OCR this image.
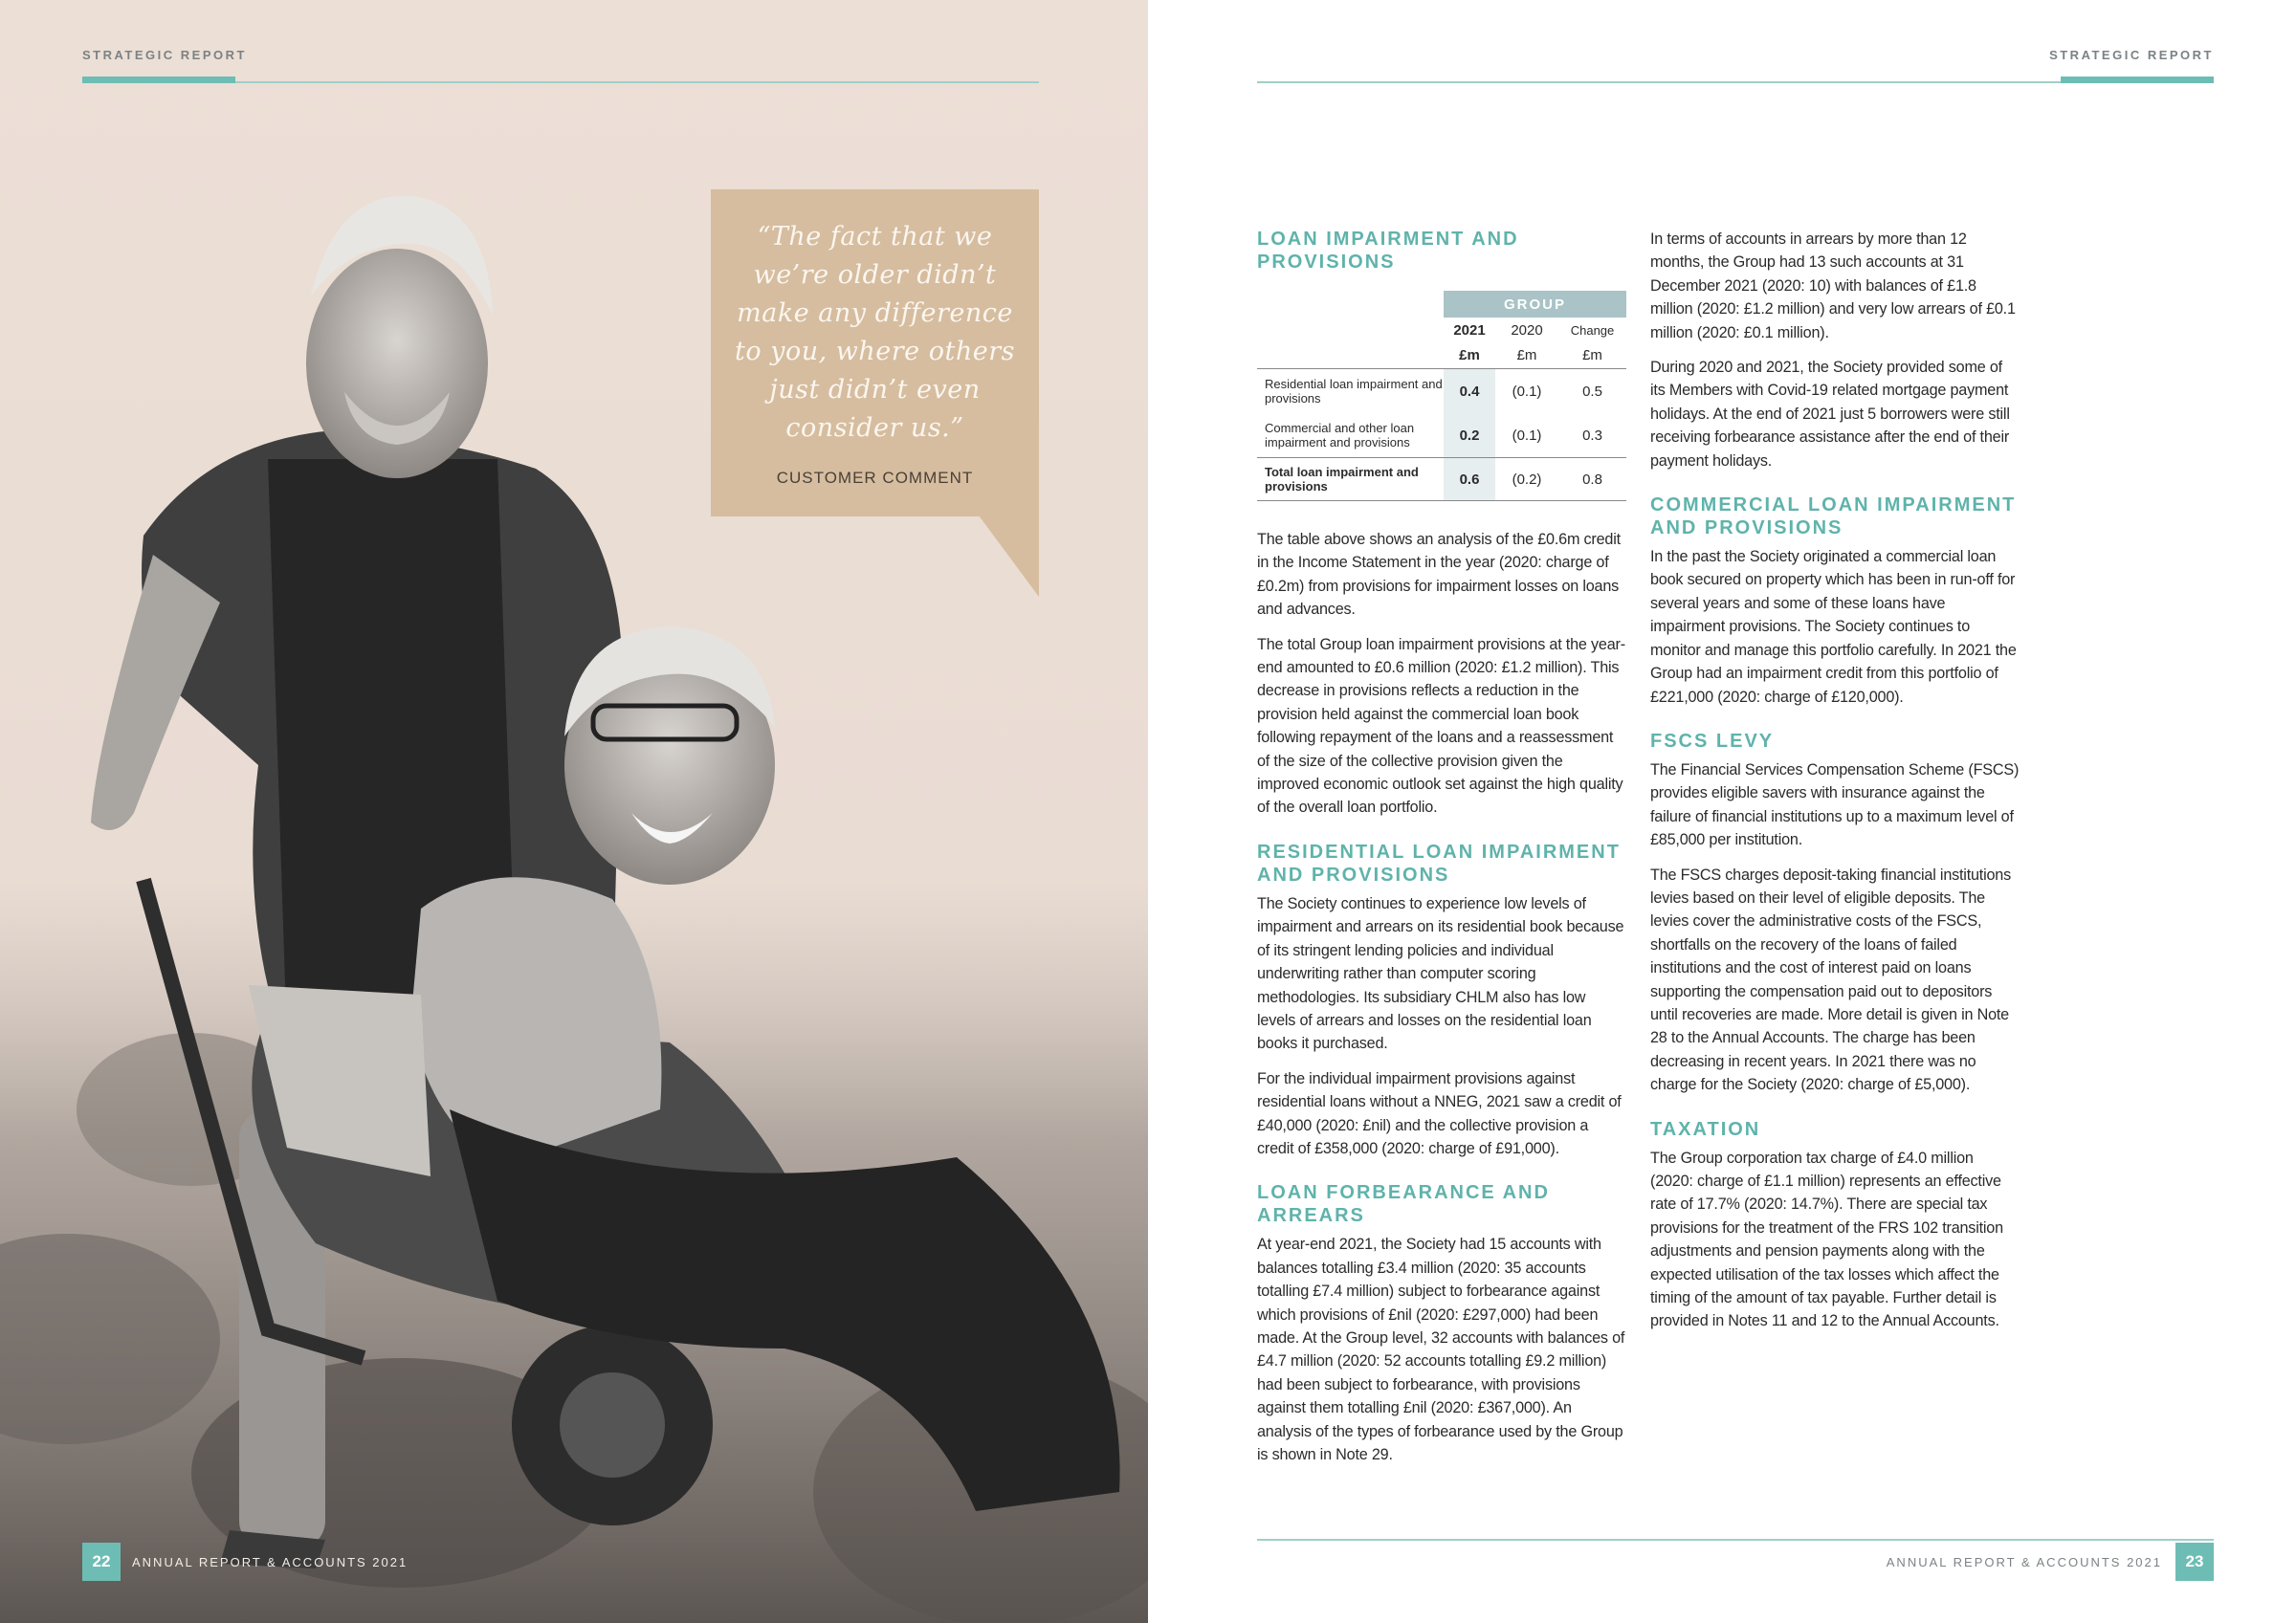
STRATEGIC REPORT
“The fact that we
we’re older didn’t
make any difference
to you, where others
just didn’t even
consider us.”
CUSTOMER COMMENT
22	ANNUAL REPORT & ACCOUNTS 2021
STRATEGIC REPORT
LOAN IMPAIRMENT AND PROVISIONS
GROUP
2021	2020	Change
£m	£m	£m
Residential loan impairment and provisions	0.4	(0.1)	0.5
Commercial and other loan impairment and provisions	0.2	(0.1)	0.3
Total loan impairment and provisions	0.6	(0.2)	0.8

The table above shows an analysis of the £0.6m credit in the Income Statement in the year (2020: charge of £0.2m) from provisions for impairment losses on loans and advances.

The total Group loan impairment provisions at the year-end amounted to £0.6 million (2020: £1.2 million). This decrease in provisions reflects a reduction in the provision held against the commercial loan book following repayment of the loans and a reassessment of the size of the collective provision given the improved economic outlook set against the high quality of the overall loan portfolio.

RESIDENTIAL LOAN IMPAIRMENT AND PROVISIONS

The Society continues to experience low levels of impairment and arrears on its residential book because of its stringent lending policies and individual underwriting rather than computer scoring methodologies. Its subsidiary CHLM also has low levels of arrears and losses on the residential loan books it purchased.

For the individual impairment provisions against residential loans without a NNEG, 2021 saw a credit of £40,000 (2020: £nil) and the collective provision a credit of £358,000 (2020: charge of £91,000).

LOAN FORBEARANCE AND ARREARS

At year-end 2021, the Society had 15 accounts with balances totalling £3.4 million (2020: 35 accounts totalling £7.4 million) subject to forbearance against which provisions of £nil (2020: £297,000) had been made. At the Group level, 32 accounts with balances of £4.7 million (2020: 52 accounts totalling £9.2 million) had been subject to forbearance, with provisions against them totalling £nil (2020: £367,000). An analysis of the types of forbearance used by the Group is shown in Note 29.

In terms of accounts in arrears by more than 12 months, the Group had 13 such accounts at 31 December 2021 (2020: 10) with balances of £1.8 million (2020: £1.2 million) and very low arrears of £0.1 million (2020: £0.1 million).

During 2020 and 2021, the Society provided some of its Members with Covid-19 related mortgage payment holidays. At the end of 2021 just 5 borrowers were still receiving forbearance assistance after the end of their payment holidays.

COMMERCIAL LOAN IMPAIRMENT AND PROVISIONS

In the past the Society originated a commercial loan book secured on property which has been in run-off for several years and some of these loans have impairment provisions. The Society continues to monitor and manage this portfolio carefully. In 2021 the Group had an impairment credit from this portfolio of £221,000 (2020: charge of £120,000).

FSCS LEVY

The Financial Services Compensation Scheme (FSCS) provides eligible savers with insurance against the failure of financial institutions up to a maximum level of £85,000 per institution.

The FSCS charges deposit-taking financial institutions levies based on their level of eligible deposits. The levies cover the administrative costs of the FSCS, shortfalls on the recovery of the loans of failed institutions and the cost of interest paid on loans supporting the compensation paid out to depositors until recoveries are made. More detail is given in Note 28 to the Annual Accounts. The charge has been decreasing in recent years. In 2021 there was no charge for the Society (2020: charge of £5,000).

TAXATION

The Group corporation tax charge of £4.0 million (2020: charge of £1.1 million) represents an effective rate of 17.7% (2020: 14.7%). There are special tax provisions for the treatment of the FRS 102 transition adjustments and pension payments along with the expected utilisation of the tax losses which affect the timing of the amount of tax payable. Further detail is provided in Notes 11 and 12 to the Annual Accounts.

ANNUAL REPORT & ACCOUNTS 2021	23
